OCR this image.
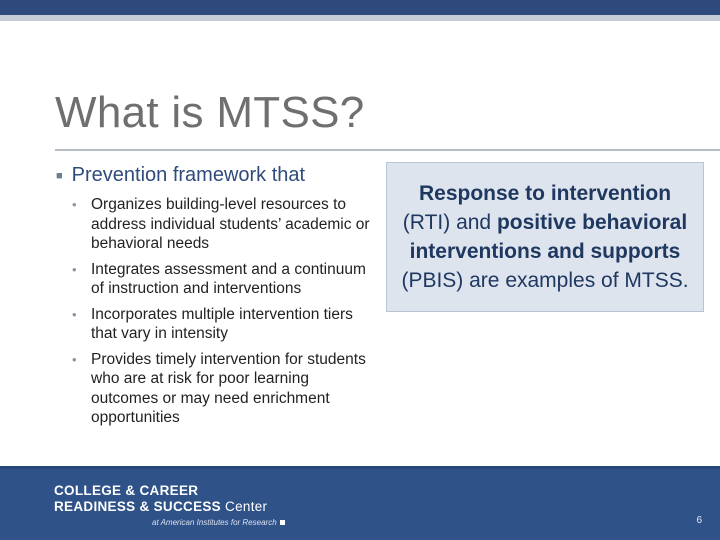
What is MTSS?
■ Prevention framework that
• Organizes building-level resources to address individual students’ academic or behavioral needs
• Integrates assessment and a continuum of instruction and interventions
• Incorporates multiple intervention tiers that vary in intensity
• Provides timely intervention for students who are at risk for poor learning outcomes or may need enrichment opportunities

Response to intervention (RTI) and positive behavioral interventions and supports (PBIS) are examples of MTSS.

COLLEGE & CAREER
READINESS & SUCCESS Center
at American Institutes for Research	6
